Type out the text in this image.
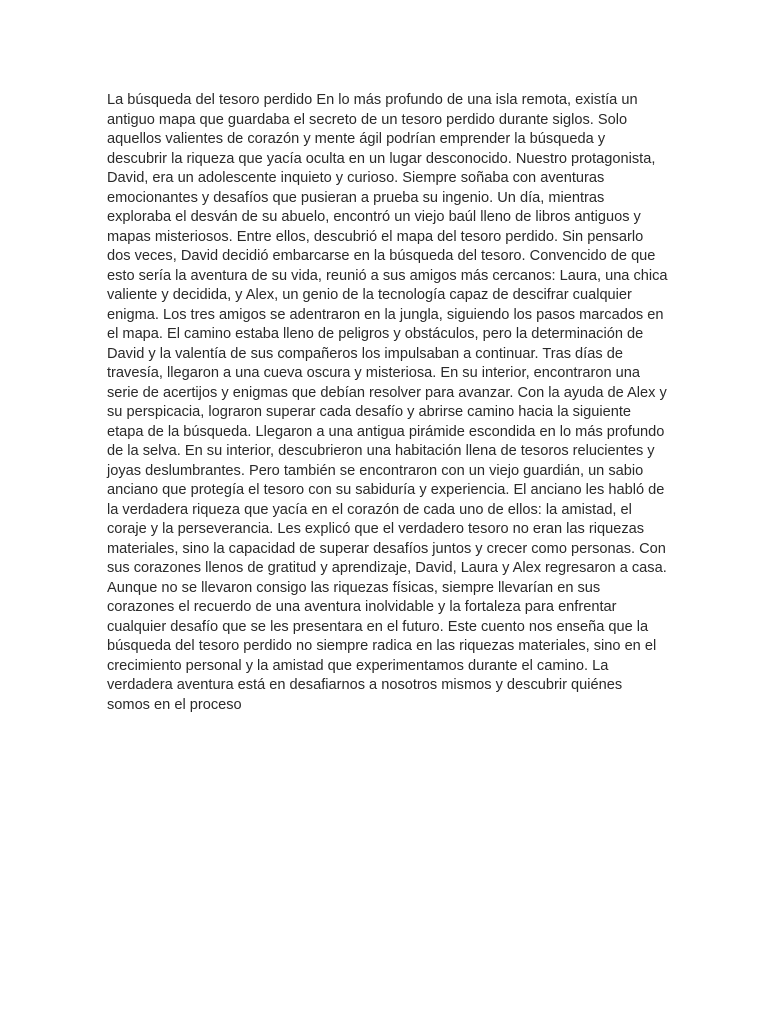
La búsqueda del tesoro perdido En lo más profundo de una isla remota, existía un
antiguo mapa que guardaba el secreto de un tesoro perdido durante siglos. Solo
aquellos valientes de corazón y mente ágil podrían emprender la búsqueda y
descubrir la riqueza que yacía oculta en un lugar desconocido. Nuestro protagonista,
David, era un adolescente inquieto y curioso. Siempre soñaba con aventuras
emocionantes y desafíos que pusieran a prueba su ingenio. Un día, mientras
exploraba el desván de su abuelo, encontró un viejo baúl lleno de libros antiguos y
mapas misteriosos. Entre ellos, descubrió el mapa del tesoro perdido. Sin pensarlo
dos veces, David decidió embarcarse en la búsqueda del tesoro. Convencido de que
esto sería la aventura de su vida, reunió a sus amigos más cercanos: Laura, una chica
valiente y decidida, y Alex, un genio de la tecnología capaz de descifrar cualquier
enigma. Los tres amigos se adentraron en la jungla, siguiendo los pasos marcados en
el mapa. El camino estaba lleno de peligros y obstáculos, pero la determinación de
David y la valentía de sus compañeros los impulsaban a continuar. Tras días de
travesía, llegaron a una cueva oscura y misteriosa. En su interior, encontraron una
serie de acertijos y enigmas que debían resolver para avanzar. Con la ayuda de Alex y
su perspicacia, lograron superar cada desafío y abrirse camino hacia la siguiente
etapa de la búsqueda. Llegaron a una antigua pirámide escondida en lo más profundo
de la selva. En su interior, descubrieron una habitación llena de tesoros relucientes y
joyas deslumbrantes. Pero también se encontraron con un viejo guardián, un sabio
anciano que protegía el tesoro con su sabiduría y experiencia. El anciano les habló de
la verdadera riqueza que yacía en el corazón de cada uno de ellos: la amistad, el
coraje y la perseverancia. Les explicó que el verdadero tesoro no eran las riquezas
materiales, sino la capacidad de superar desafíos juntos y crecer como personas. Con
sus corazones llenos de gratitud y aprendizaje, David, Laura y Alex regresaron a casa.
Aunque no se llevaron consigo las riquezas físicas, siempre llevarían en sus
corazones el recuerdo de una aventura inolvidable y la fortaleza para enfrentar
cualquier desafío que se les presentara en el futuro. Este cuento nos enseña que la
búsqueda del tesoro perdido no siempre radica en las riquezas materiales, sino en el
crecimiento personal y la amistad que experimentamos durante el camino. La
verdadera aventura está en desafiarnos a nosotros mismos y descubrir quiénes
somos en el proceso
